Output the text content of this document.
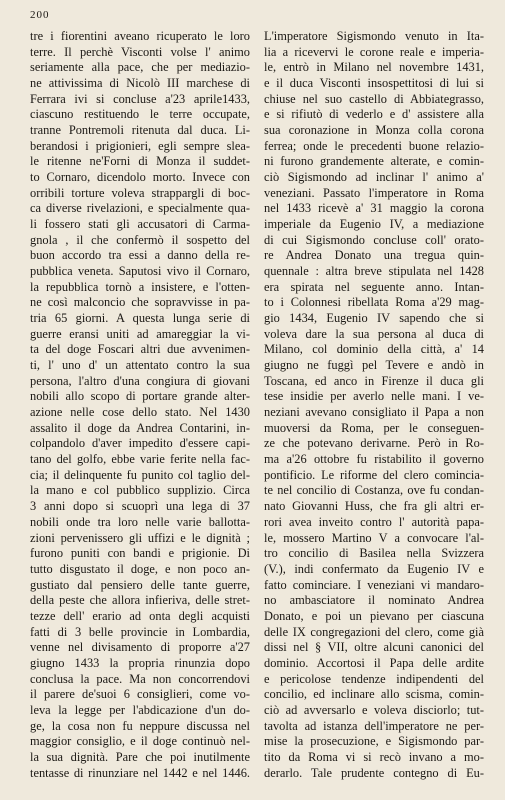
200
tre i fiorentini aveano ricuperato le loro
terre. Il perchè Visconti volse l' animo
seriamente alla pace, che per mediazio-
ne attivissima di Nicolò III marchese di
Ferrara ivi si concluse a'23 aprile1433,
ciascuno restituendo le terre occupate,
tranne Pontremoli ritenuta dal duca. Li-
berandosi i prigionieri, egli sempre slea-
le ritenne ne'Forni di Monza il suddet-
to Cornaro, dicendolo morto. Invece con
orribili torture voleva strappargli di boc-
ca diverse rivelazioni, e specialmente qua-
li fossero stati gli accusatori di Carma-
gnola , il che confermò il sospetto del
buon accordo tra essi a danno della re-
pubblica veneta. Saputosi vivo il Cornaro,
la repubblica tornò a insistere, e l'otten-
ne così malconcio che sopravvisse in pa-
tria 65 giorni. A questa lunga serie di
guerre eransi uniti ad amareggiar la vi-
ta del doge Foscari altri due avvenimen-
ti, l' uno d' un attentato contro la sua
persona, l'altro d'una congiura di giovani
nobili allo scopo di portare grande alter-
azione nelle cose dello stato. Nel 1430
assalito il doge da Andrea Contarini, in-
colpandolo d'aver impedito d'essere capi-
tano del golfo, ebbe varie ferite nella fac-
cia; il delinquente fu punito col taglio del-
la mano e col pubblico supplizio. Circa
3 anni dopo si scuoprì una lega di 37
nobili onde tra loro nelle varie ballotta-
zioni pervenissero gli uffizi e le dignità ;
furono puniti con bandi e prigionie. Di
tutto disgustato il doge, e non poco an-
gustiato dal pensiero delle tante guerre,
della peste che allora infieriva, delle stret-
tezze dell' erario ad onta degli acquisti
fatti di 3 belle provincie in Lombardia,
venne nel divisamento di proporre a'27
giugno 1433 la propria rinunzia dopo
conclusa la pace. Ma non concorrendovi
il parere de'suoi 6 consiglieri, come vo-
leva la legge per l'abdicazione d'un do-
ge, la cosa non fu neppure discussa nel
maggior consiglio, e il doge continuò nel-
la sua dignità. Pare che poi inutilmente
tentasse di rinunziare nel 1442 e nel 1446.
L'imperatore Sigismondo venuto in Ita-
lia a ricevervi le corone reale e imperia-
le, entrò in Milano nel novembre 1431,
e il duca Visconti insospettitosi di lui si
chiuse nel suo castello di Abbiategrasso,
e si rifiutò di vederlo e d' assistere alla
sua coronazione in Monza colla corona
ferrea; onde le precedenti buone relazio-
ni furono grandemente alterate, e comin-
ciò Sigismondo ad inclinar l' animo a'
veneziani. Passato l'imperatore in Roma
nel 1433 ricevè a' 31 maggio la corona
imperiale da Eugenio IV, a mediazione
di cui Sigismondo concluse coll' orato-
re Andrea Donato una tregua quin-
quennale : altra breve stipulata nel 1428
era spirata nel seguente anno. Intan-
to i Colonnesi ribellata Roma a'29 mag-
gio 1434, Eugenio IV sapendo che si
voleva dare la sua persona al duca di
Milano, col dominio della città, a' 14
giugno ne fuggì pel Tevere e andò in
Toscana, ed anco in Firenze il duca gli
tese insidie per averlo nelle mani. I ve-
neziani avevano consigliato il Papa a non
muoversi da Roma, per le conseguen-
ze che potevano derivarne. Però in Ro-
ma a'26 ottobre fu ristabilito il governo
pontificio. Le riforme del clero comincia-
te nel concilio di Costanza, ove fu condan-
nato Giovanni Huss, che fra gli altri er-
rori avea inveito contro l' autorità papa-
le, mossero Martino V a convocare l'al-
tro concilio di Basilea nella Svizzera
(V.), indi confermato da Eugenio IV e
fatto cominciare. I veneziani vi mandaro-
no ambasciatore il nominato Andrea
Donato, e poi un pievano per ciascuna
delle IX congregazioni del clero, come già
dissi nel § VII, oltre alcuni canonici del
dominio. Accortosi il Papa delle ardite
e pericolose tendenze indipendenti del
concilio, ed inclinare allo scisma, comin-
ciò ad avversarlo e voleva disciorlo; tut-
tavolta ad istanza dell'imperatore ne per-
mise la prosecuzione, e Sigismondo par-
tito da Roma vi si recò invano a mo-
derarlo. Tale prudente contegno di Eu-
